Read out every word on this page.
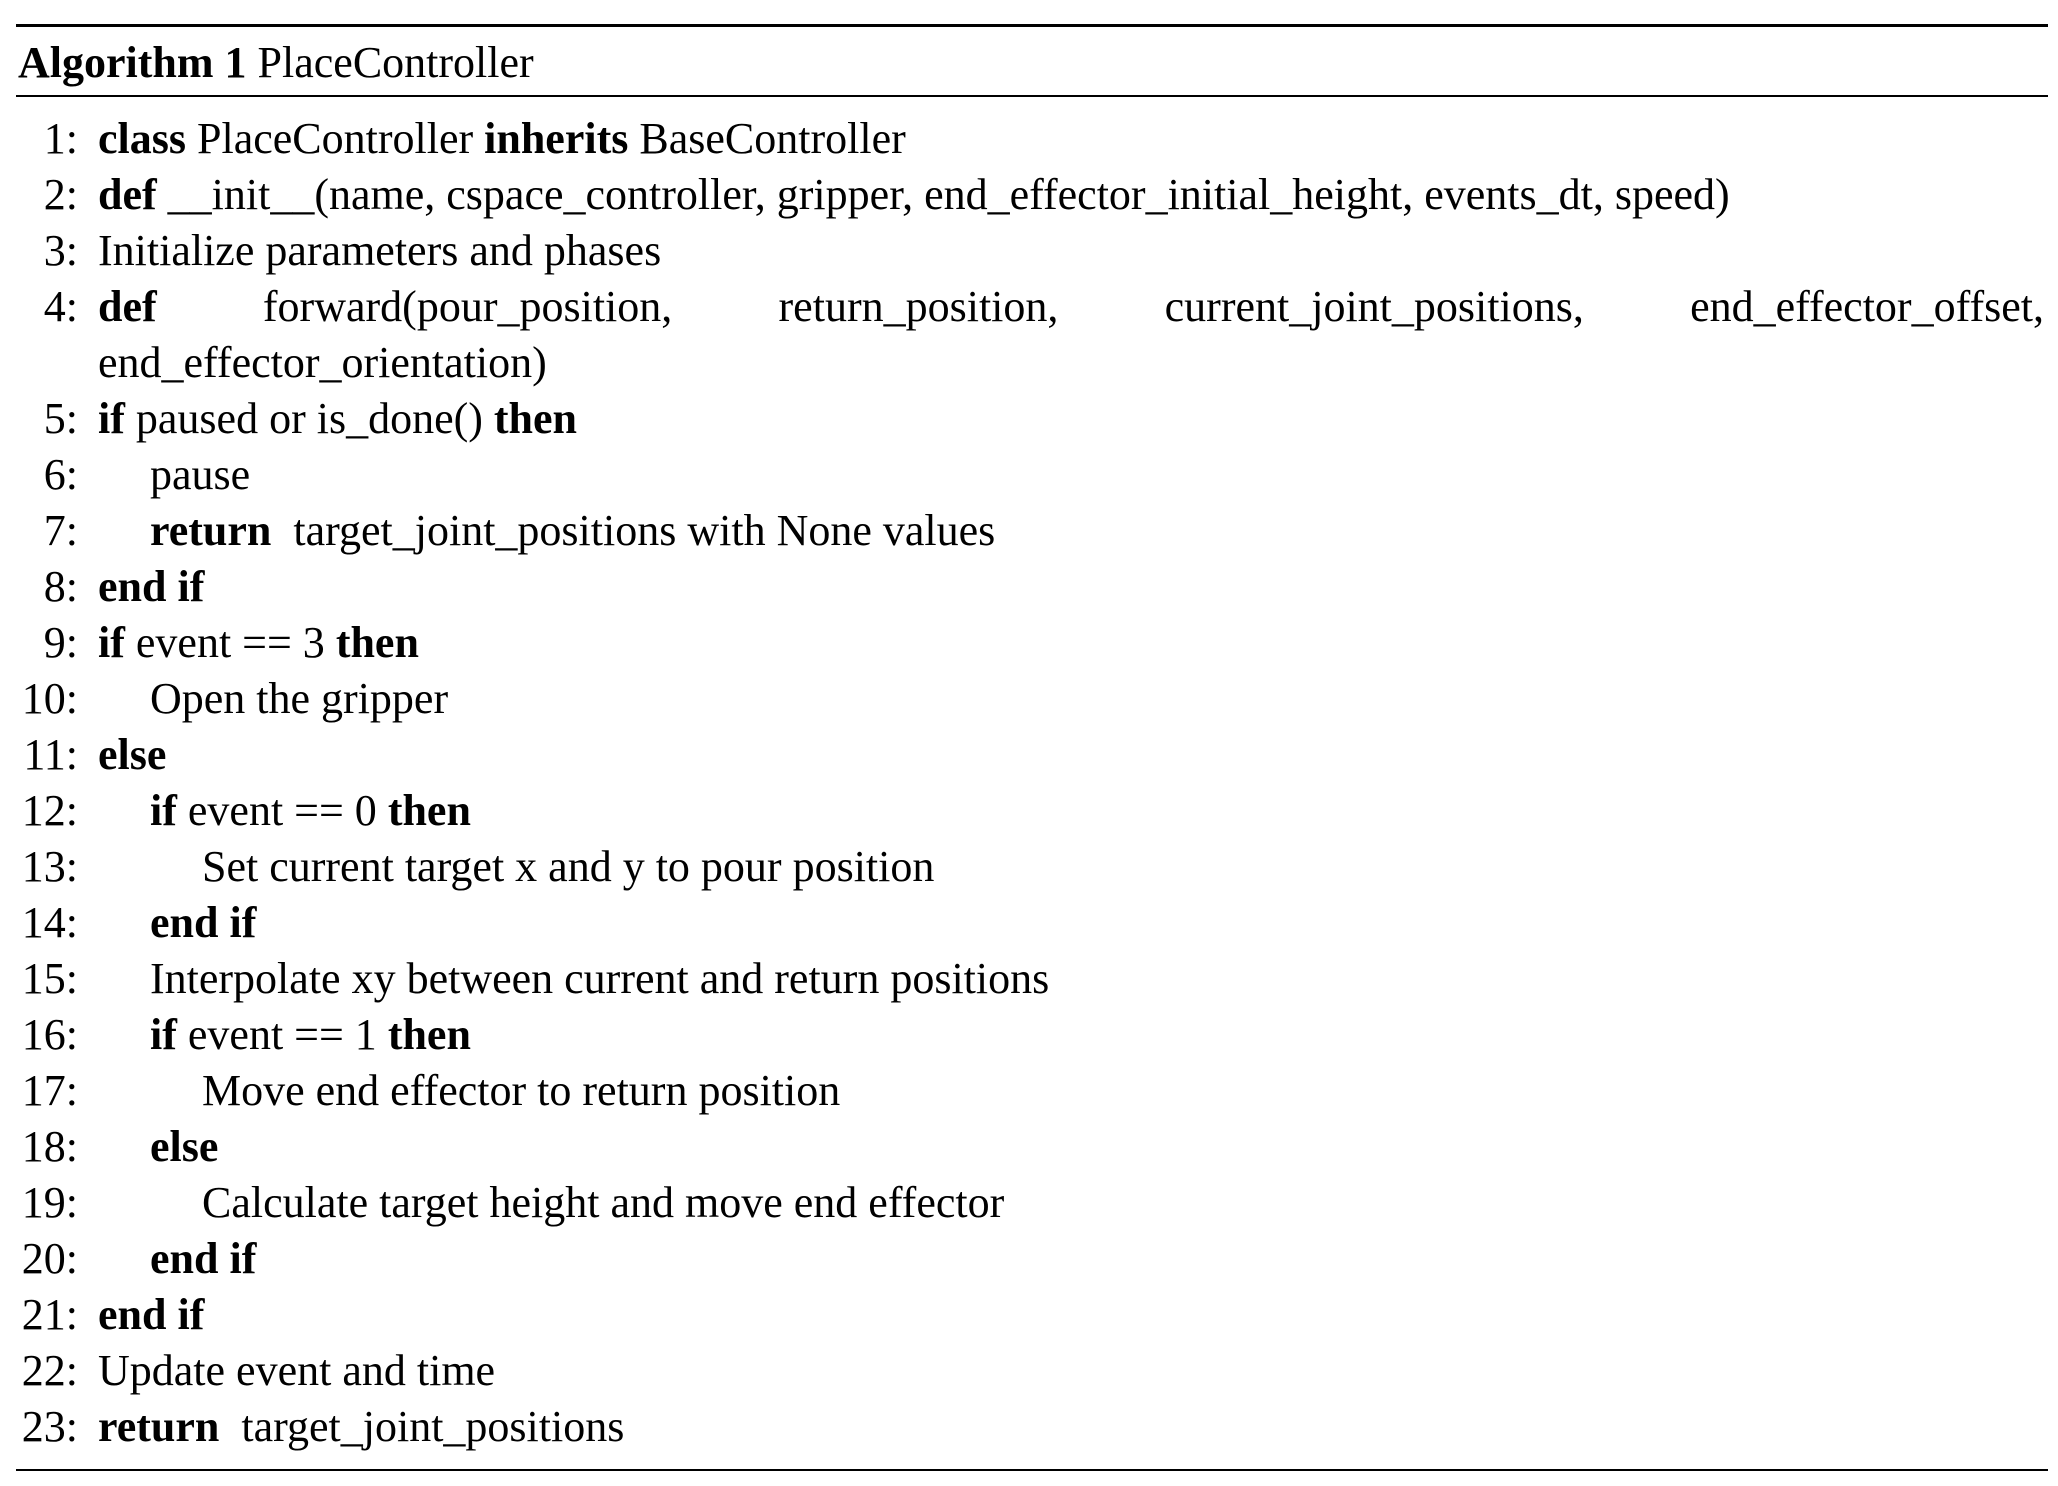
Algorithm 1 PlaceController
1: class PlaceController inherits BaseController
2: def __init__(name, cspace_controller, gripper, end_effector_initial_height, events_dt, speed)
3: Initialize parameters and phases
4: def forward(pour_position, return_position, current_joint_positions, end_effector_offset,
end_effector_orientation)
5: if paused or is_done() then
6:	pause
7:	return  target_joint_positions with None values
8: end if
9: if event == 3 then
10:	Open the gripper
11: else
12:	if event == 0 then
13:	Set current target x and y to pour position
14:	end if
15:	Interpolate xy between current and return positions
16:	if event == 1 then
17:	Move end effector to return position
18:	else
19:	Calculate target height and move end effector
20:	end if
21: end if
22: Update event and time
23: return  target_joint_positions
